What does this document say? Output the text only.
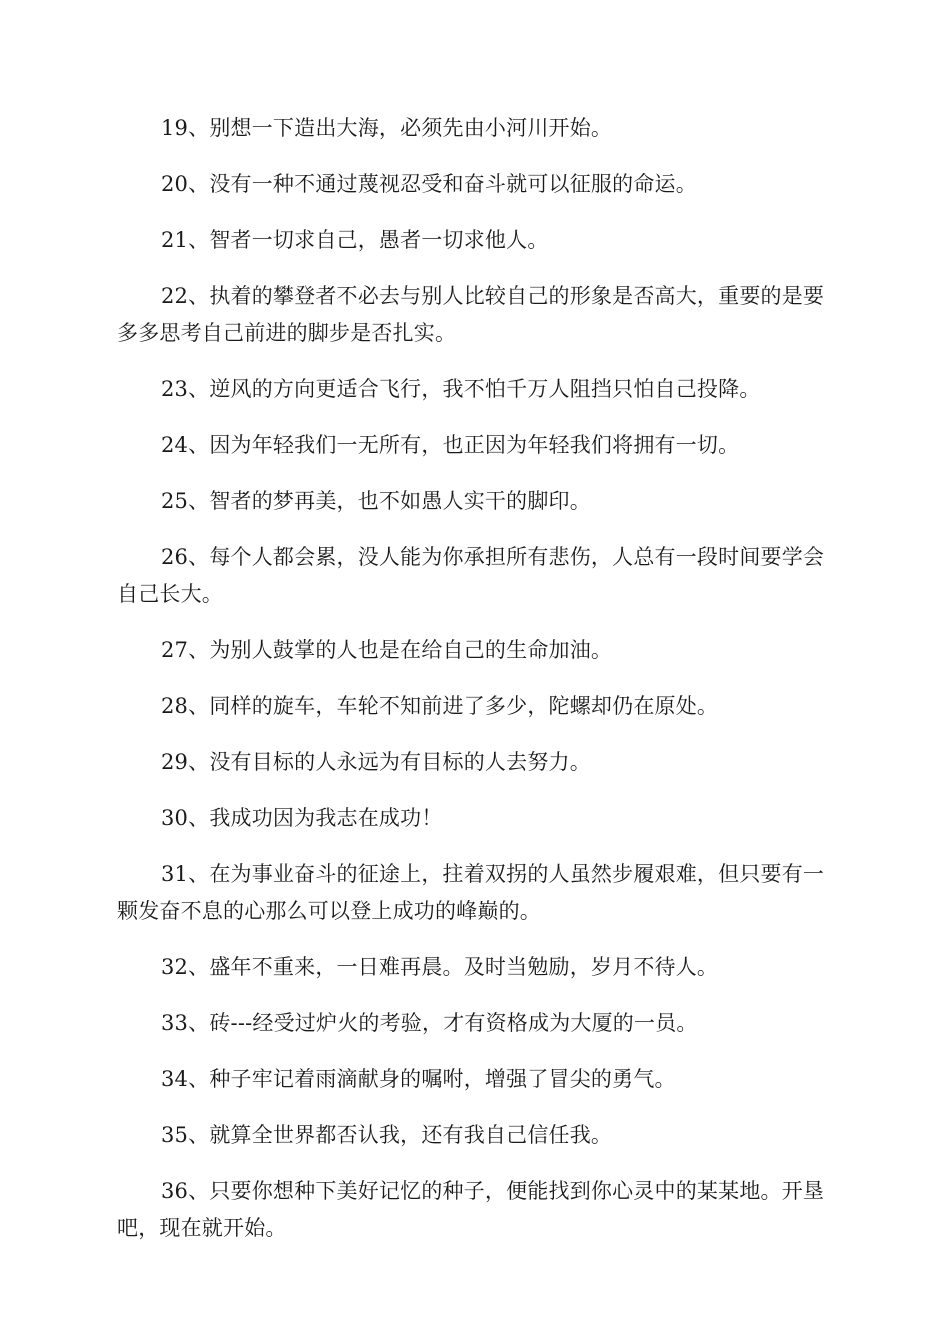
19、别想一下造出大海，必须先由小河川开始。

20、没有一种不通过蔑视忍受和奋斗就可以征服的命运。

21、智者一切求自己，愚者一切求他人。

22、执着的攀登者不必去与别人比较自己的形象是否高大，重要的是要多多思考自己前进的脚步是否扎实。

23、逆风的方向更适合飞行，我不怕千万人阻挡只怕自己投降。

24、因为年轻我们一无所有，也正因为年轻我们将拥有一切。

25、智者的梦再美，也不如愚人实干的脚印。

26、每个人都会累，没人能为你承担所有悲伤，人总有一段时间要学会自己长大。

27、为别人鼓掌的人也是在给自己的生命加油。

28、同样的旋车，车轮不知前进了多少，陀螺却仍在原处。

29、没有目标的人永远为有目标的人去努力。

30、我成功因为我志在成功！

31、在为事业奋斗的征途上，拄着双拐的人虽然步履艰难，但只要有一颗发奋不息的心那么可以登上成功的峰巅的。

32、盛年不重来，一日难再晨。及时当勉励，岁月不待人。

33、砖---经受过炉火的考验，才有资格成为大厦的一员。

34、种子牢记着雨滴献身的嘱咐，增强了冒尖的勇气。

35、就算全世界都否认我，还有我自己信任我。

36、只要你想种下美好记忆的种子，便能找到你心灵中的某某地。开垦吧，现在就开始。
